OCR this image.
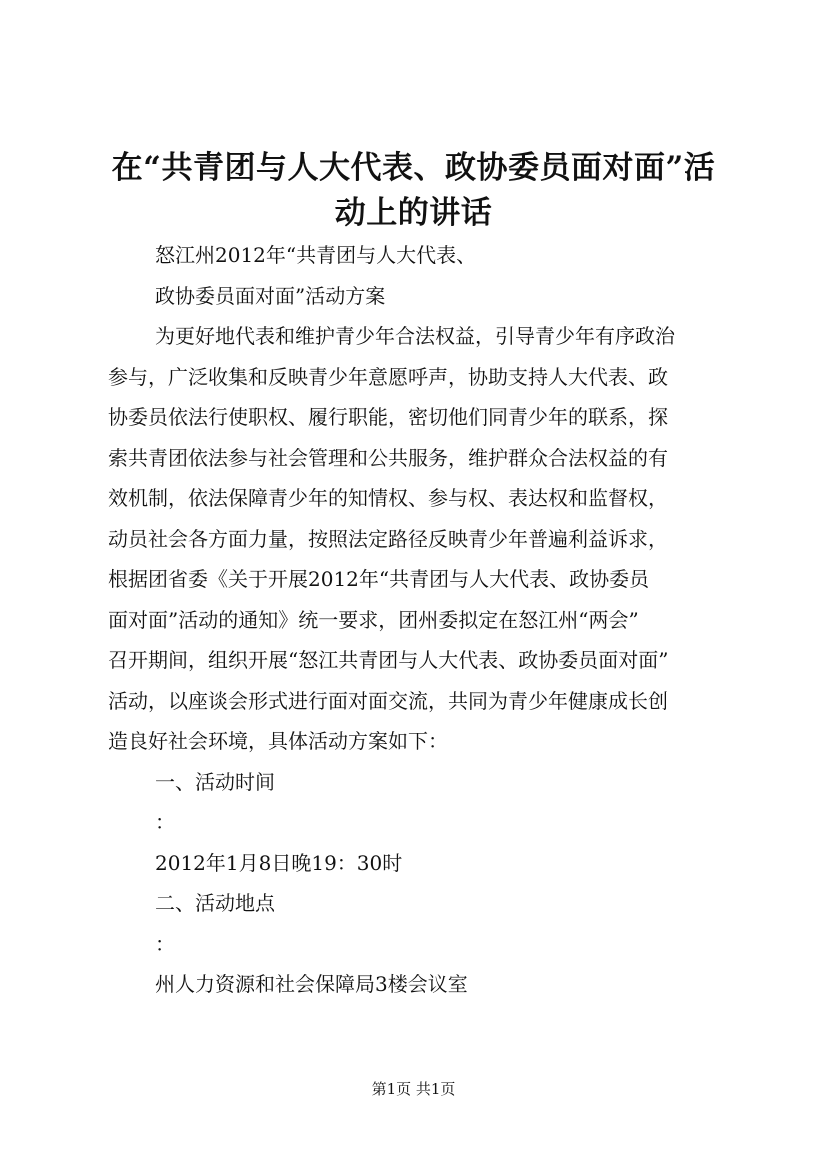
在“共青团与人大代表、政协委员面对面”活
动上的讲话

怒江州2012年“共青团与人大代表、

政协委员面对面”活动方案

为更好地代表和维护青少年合法权益，引导青少年有序政治

参与，广泛收集和反映青少年意愿呼声，协助支持人大代表、政

协委员依法行使职权、履行职能，密切他们同青少年的联系，探

索共青团依法参与社会管理和公共服务，维护群众合法权益的有

效机制，依法保障青少年的知情权、参与权、表达权和监督权，

动员社会各方面力量，按照法定路径反映青少年普遍利益诉求，

根据团省委《关于开展2012年“共青团与人大代表、政协委员

面对面”活动的通知》统一要求，团州委拟定在怒江州“两会”

召开期间，组织开展“怒江共青团与人大代表、政协委员面对面”

活动，以座谈会形式进行面对面交流，共同为青少年健康成长创

造良好社会环境，具体活动方案如下：

一、活动时间

：

2012年1月8日晚19：30时

二、活动地点

：

州人力资源和社会保障局3楼会议室

第1页 共1页
